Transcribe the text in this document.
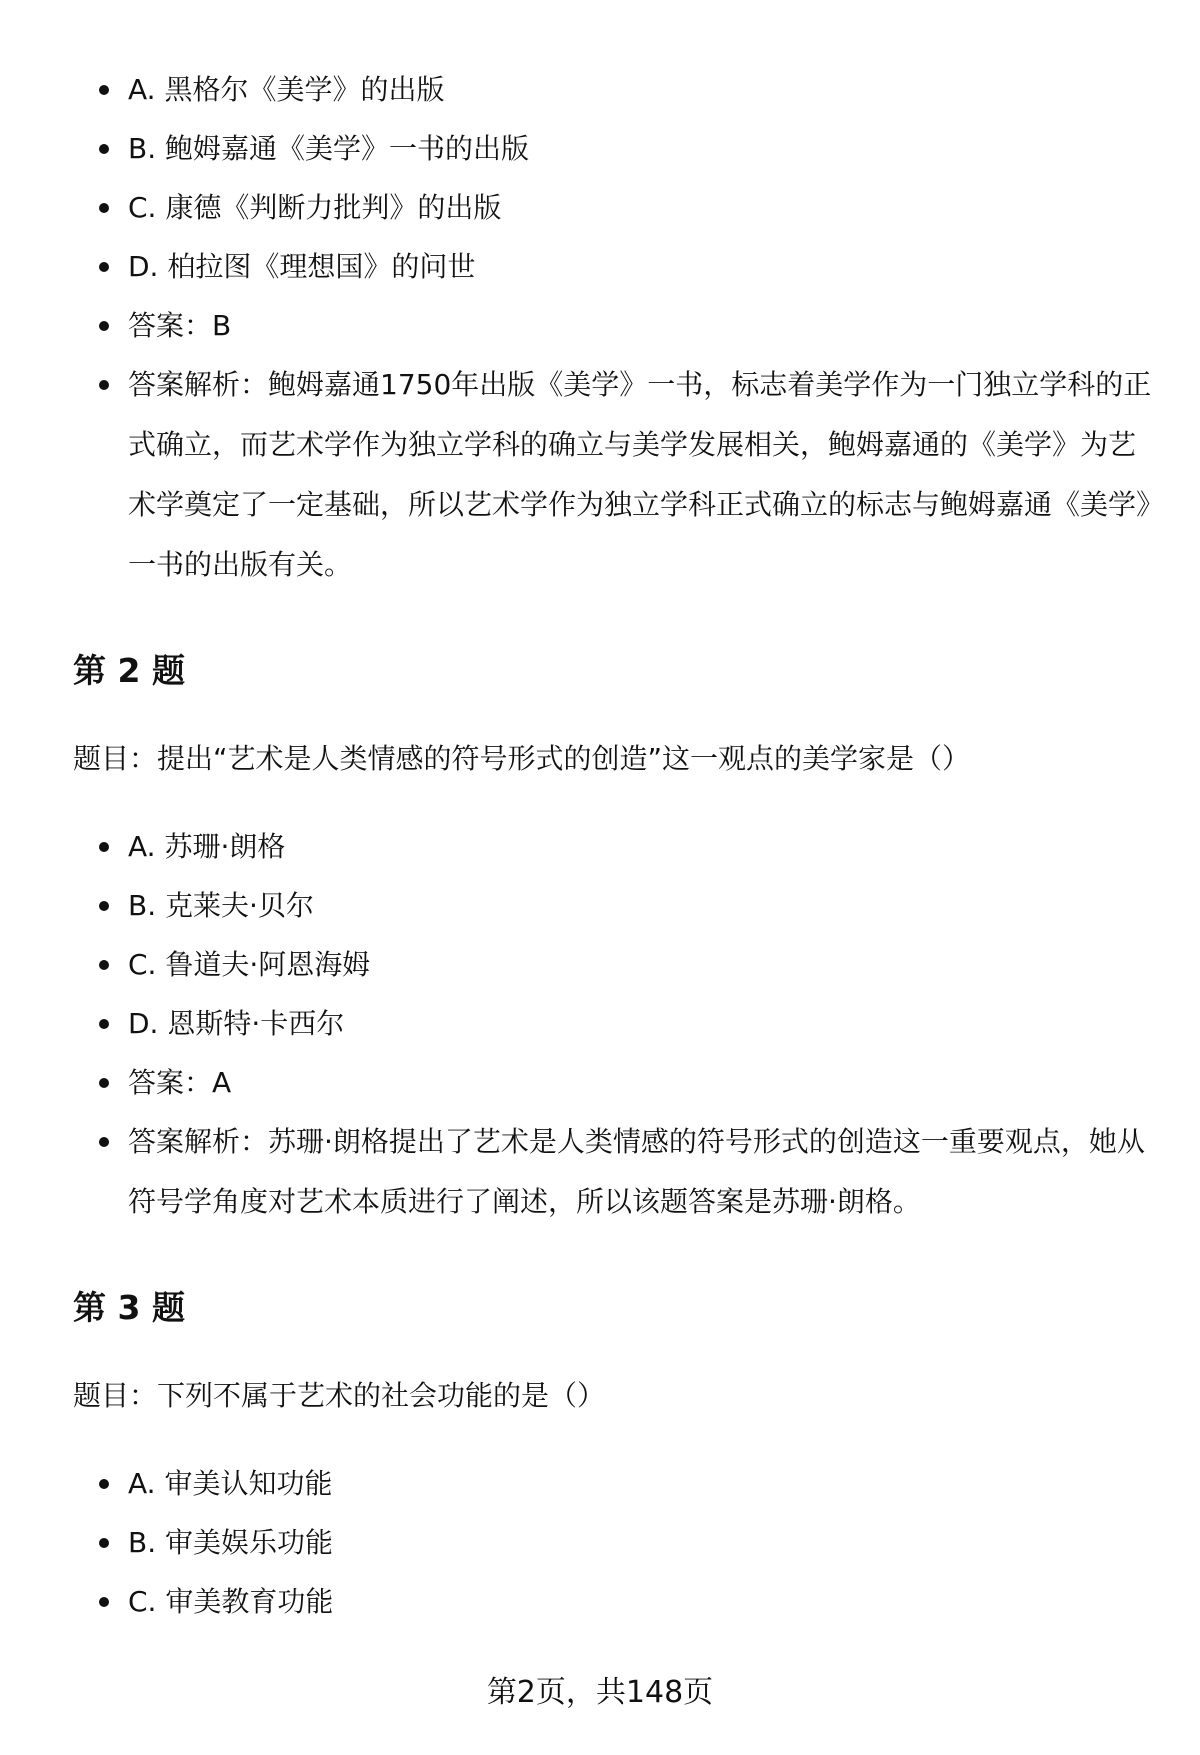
A. 黑格尔《美学》的出版
B. 鲍姆嘉通《美学》一书的出版
C. 康德《判断力批判》的出版
D. 柏拉图《理想国》的问世
答案：B
答案解析：鲍姆嘉通1750年出版《美学》一书，标志着美学作为一门独立学科的正式确立，而艺术学作为独立学科的确立与美学发展相关，鲍姆嘉通的《美学》为艺术学奠定了一定基础，所以艺术学作为独立学科正式确立的标志与鲍姆嘉通《美学》一书的出版有关。
第 2 题

题目：提出“艺术是人类情感的符号形式的创造”这一观点的美学家是（）

A. 苏珊·朗格
B. 克莱夫·贝尔
C. 鲁道夫·阿恩海姆
D. 恩斯特·卡西尔
答案：A
答案解析：苏珊·朗格提出了艺术是人类情感的符号形式的创造这一重要观点，她从符号学角度对艺术本质进行了阐述，所以该题答案是苏珊·朗格。
第 3 题

题目：下列不属于艺术的社会功能的是（）

A. 审美认知功能
B. 审美娱乐功能
C. 审美教育功能
第2页，共148页
